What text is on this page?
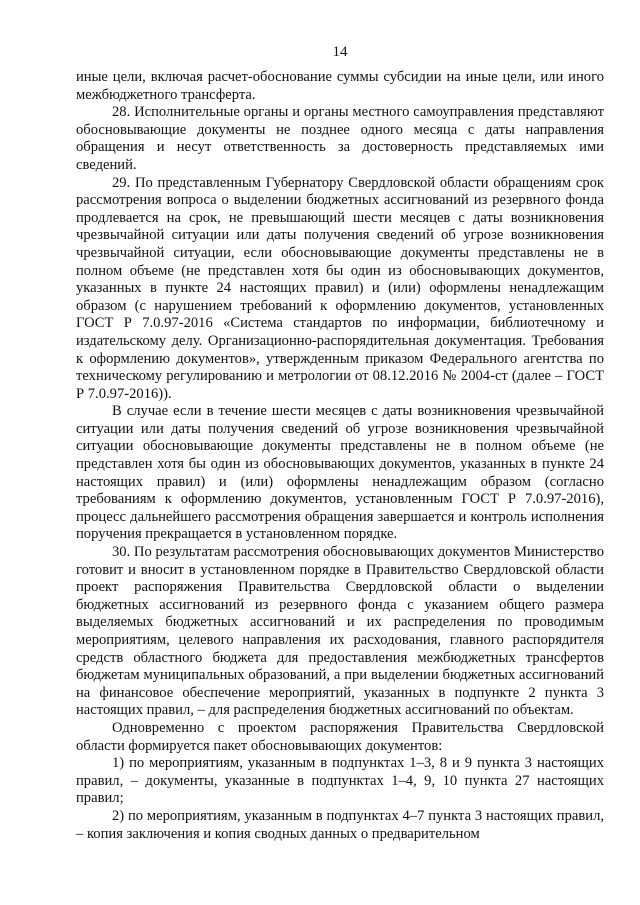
14

иные цели, включая расчет-обоснование суммы субсидии на иные цели, или иного межбюджетного трансферта.

28. Исполнительные органы и органы местного самоуправления представляют обосновывающие документы не позднее одного месяца с даты направления обращения и несут ответственность за достоверность представляемых ими сведений.

29. По представленным Губернатору Свердловской области обращениям срок рассмотрения вопроса о выделении бюджетных ассигнований из резервного фонда продлевается на срок, не превышающий шести месяцев с даты возникновения чрезвычайной ситуации или даты получения сведений об угрозе возникновения чрезвычайной ситуации, если обосновывающие документы представлены не в полном объеме (не представлен хотя бы один из обосновывающих документов, указанных в пункте 24 настоящих правил) и (или) оформлены ненадлежащим образом (с нарушением требований к оформлению документов, установленных ГОСТ Р 7.0.97-2016 «Система стандартов по информации, библиотечному и издательскому делу. Организационно-распорядительная документация. Требования к оформлению документов», утвержденным приказом Федерального агентства по техническому регулированию и метрологии от 08.12.2016 № 2004-ст (далее – ГОСТ Р 7.0.97-2016)).

В случае если в течение шести месяцев с даты возникновения чрезвычайной ситуации или даты получения сведений об угрозе возникновения чрезвычайной ситуации обосновывающие документы представлены не в полном объеме (не представлен хотя бы один из обосновывающих документов, указанных в пункте 24 настоящих правил) и (или) оформлены ненадлежащим образом (согласно требованиям к оформлению документов, установленным ГОСТ Р 7.0.97-2016), процесс дальнейшего рассмотрения обращения завершается и контроль исполнения поручения прекращается в установленном порядке.

30. По результатам рассмотрения обосновывающих документов Министерство готовит и вносит в установленном порядке в Правительство Свердловской области проект распоряжения Правительства Свердловской области о выделении бюджетных ассигнований из резервного фонда с указанием общего размера выделяемых бюджетных ассигнований и их распределения по проводимым мероприятиям, целевого направления их расходования, главного распорядителя средств областного бюджета для предоставления межбюджетных трансфертов бюджетам муниципальных образований, а при выделении бюджетных ассигнований на финансовое обеспечение мероприятий, указанных в подпункте 2 пункта 3 настоящих правил, – для распределения бюджетных ассигнований по объектам.

Одновременно с проектом распоряжения Правительства Свердловской области формируется пакет обосновывающих документов:

1) по мероприятиям, указанным в подпунктах 1–3, 8 и 9 пункта 3 настоящих правил, – документы, указанные в подпунктах 1–4, 9, 10 пункта 27 настоящих правил;

2) по мероприятиям, указанным в подпунктах 4–7 пункта 3 настоящих правил, – копия заключения и копия сводных данных о предварительном
